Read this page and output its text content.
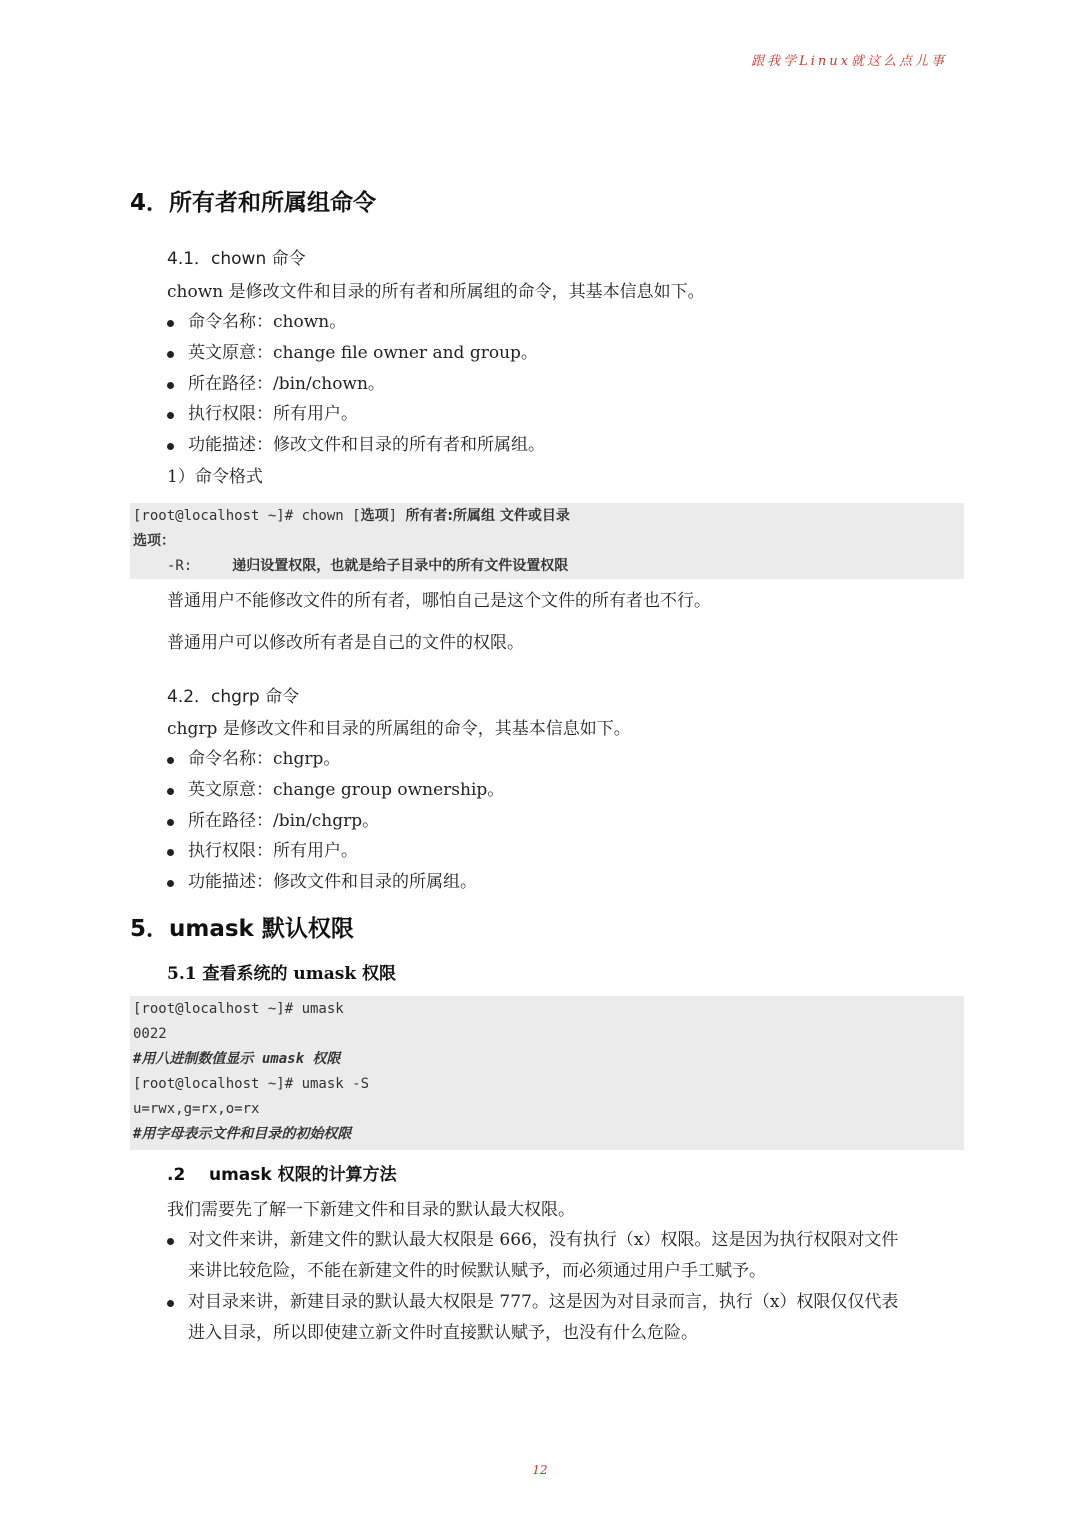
跟我学Linux就这么点儿事
4．所有者和所属组命令
4.1．chown 命令
chown 是修改文件和目录的所有者和所属组的命令，其基本信息如下。
命令名称：chown。
英文原意：change file owner and group。
所在路径：/bin/chown。
执行权限：所有用户。
功能描述：修改文件和目录的所有者和所属组。
1）命令格式
[root@localhost ~]# chown [选项] 所有者:所属组 文件或目录
选项：
-R:	递归设置权限，也就是给子目录中的所有文件设置权限
普通用户不能修改文件的所有者，哪怕自己是这个文件的所有者也不行。
普通用户可以修改所有者是自己的文件的权限。
4.2．chgrp 命令
chgrp 是修改文件和目录的所属组的命令，其基本信息如下。
命令名称：chgrp。
英文原意：change group ownership。
所在路径：/bin/chgrp。
执行权限：所有用户。
功能描述：修改文件和目录的所属组。
5．umask 默认权限
5.1 查看系统的 umask 权限
[root@localhost ~]# umask
0022
#用八进制数值显示 umask 权限
[root@localhost ~]# umask -S
u=rwx,g=rx,o=rx
#用字母表示文件和目录的初始权限
.2    umask 权限的计算方法
我们需要先了解一下新建文件和目录的默认最大权限。
对文件来讲，新建文件的默认最大权限是 666，没有执行（x）权限。这是因为执行权限对文件
来讲比较危险，不能在新建文件的时候默认赋予，而必须通过用户手工赋予。
对目录来讲，新建目录的默认最大权限是 777。这是因为对目录而言，执行（x）权限仅仅代表
进入目录，所以即使建立新文件时直接默认赋予，也没有什么危险。
12
